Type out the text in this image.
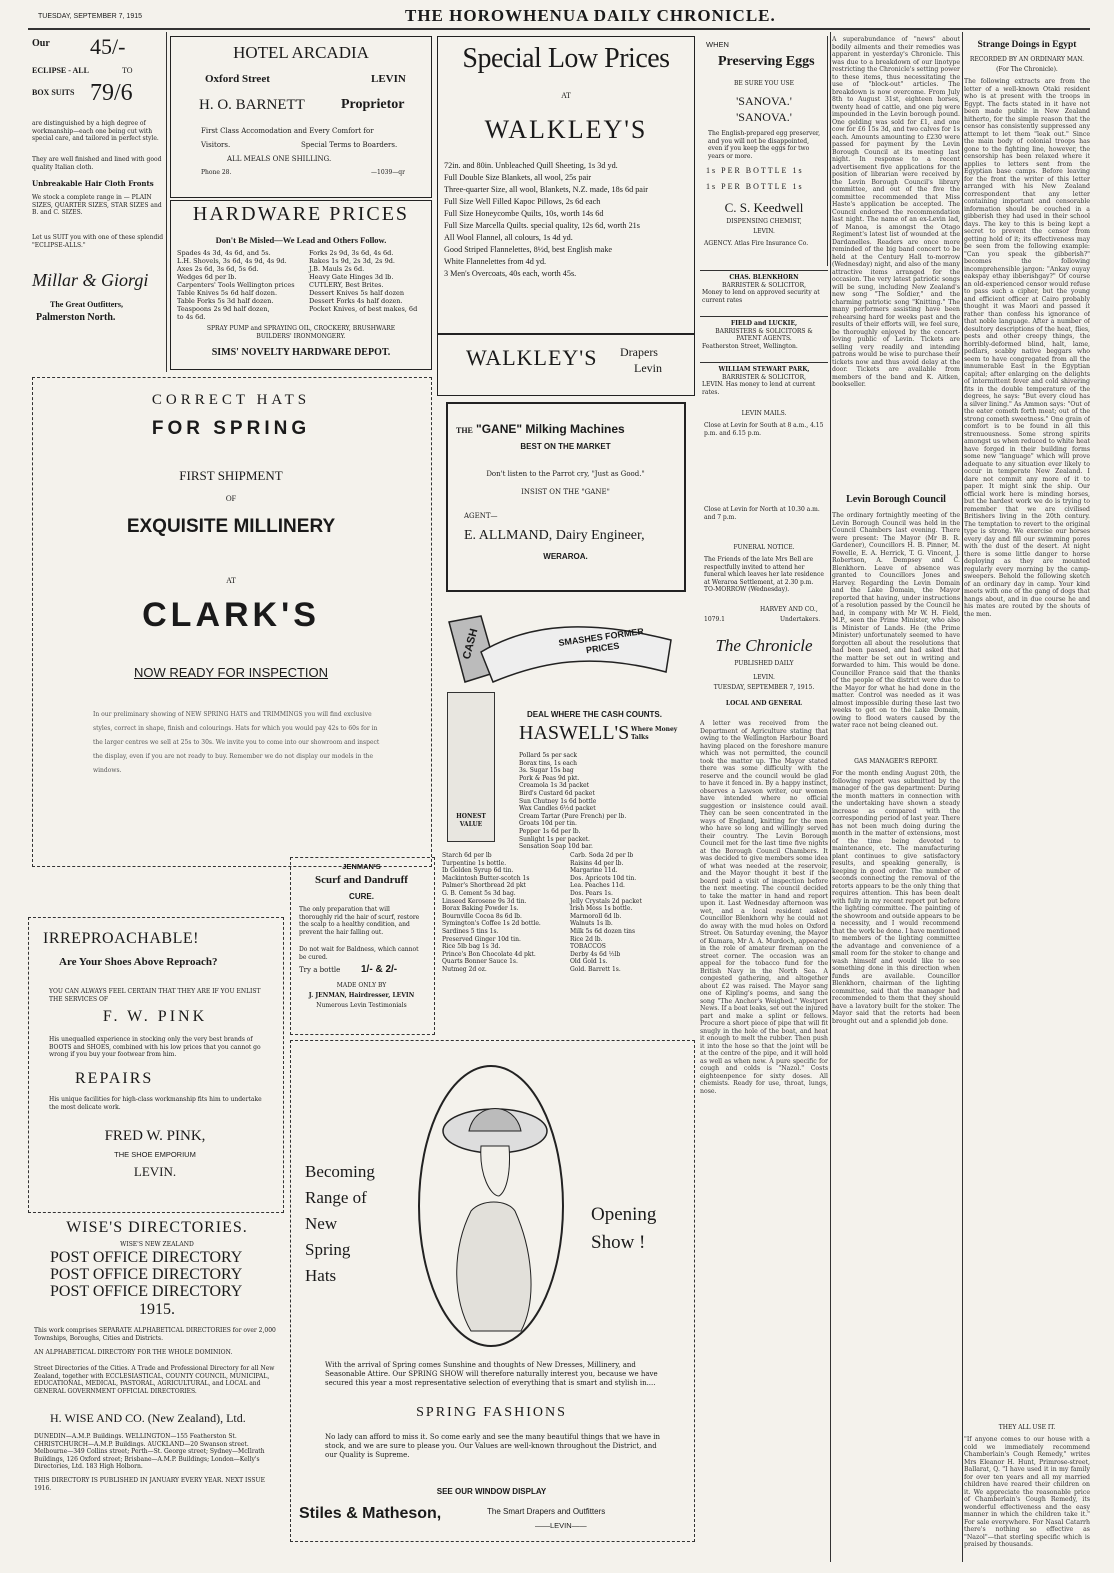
TUESDAY, SEPTEMBER 7, 1915	THE HOROWHENUA DAILY CHRONICLE.
Our 45/-
ECLIPSE - ALL	TO
BOX SUITS 79/6
are distinguished by a high degree of workmanship—each one being cut with special care, and tailored in perfect style.
They are well finished and lined with good quality Italian cloth.
Unbreakable Hair Cloth Fronts
We stock a complete range in — PLAIN SIZES, QUARTER SIZES, STAR SIZES and B. and C. SIZES.
Let us SUIT you with one of these splendid "ECLIPSE-ALLS."
Millar & Giorgi
The Great Outfitters,
Palmerston North.
HOTEL ARCADIA
Oxford Street	LEVIN
H. O. BARNETT	Proprietor
First Class Accomodation and Every Comfort for
Visitors.	Special Terms to Boarders.
ALL MEALS ONE SHILLING.
Phone 28.	—1039—qr
HARDWARE PRICES
Don't Be Misled—We Lead and Others Follow.
Spades 4s 3d, 4s 6d, and 5s.
L.H. Shovels, 3s 6d, 4s 9d, 4s 9d.
Axes 2s 6d, 3s 6d, 5s 6d.
Wedges 6d per lb.
Carpenters' Tools Wellington prices
Table Knives 5s 6d half dozen.
Table Forks 5s 3d half dozen.
Teaspoons 2s 9d half dozen,
to 4s 6d.
Forks 2s 9d, 3s 6d, 4s 6d.
Rakes 1s 9d, 2s 3d, 2s 9d.
J.B. Mauls 2s 6d.
Heavy Gate Hinges 3d lb.
CUTLERY, Best Brites.
Dessert Knives 5s half dozen
Dessert Forks 4s half dozen.
Pocket Knives, of best makes, 6d
SPRAY PUMP and SPRAYING OIL, CROCKERY, BRUSHWARE
BUILDERS' IRONMONGERY.
SIMS' NOVELTY HARDWARE DEPOT.
CORRECT HATS
FOR SPRING
FIRST SHIPMENT
OF
EXQUISITE MILLINERY
AT
CLARK'S
NOW READY FOR INSPECTION
In our preliminary showing of NEW SPRING HATS and TRIMMINGS you will find exclusive styles, correct in shape, finish and colourings. Hats for which you would pay 42s to 60s for in the larger centres we sell at 25s to 30s. We invite you to come into our showroom and inspect the display, even if you are not ready to buy. Remember we do not display our models in the windows.
Special Low Prices
AT
WALKLEY'S
72in. and 80in. Unbleached Quill Sheeting, 1s 3d yd.
Full Double Size Blankets, all wool, 25s pair
Three-quarter Size, all wool, Blankets, N.Z. made, 18s 6d pair
Full Size Well Filled Kapoc Pillows, 2s 6d each
Full Size Honeycombe Quilts, 10s, worth 14s 6d
Full Size Marcella Quilts. special quality, 12s 6d, worth 21s
All Wool Flannel, all colours, 1s 4d yd.
Good Striped Flannelettes, 8½d, best English make
White Flannelettes from 4d yd.
3 Men's Overcoats, 40s each, worth 45s.
WALKLEY'S Drapers
Levin
THE "GANE" Milking Machines
BEST ON THE MARKET
Don't listen to the Parrot cry, "Just as Good."
INSIST ON THE "GANE"
AGENT—
E. ALLMAND, Dairy Engineer,
WERAROA.
CASH	SMASHES FORMER PRICES
HONEST VALUE
DEAL WHERE THE CASH COUNTS.
HASWELL'S Where Money Talks
Pollard 5s per sack
Borax tins, 1s each
3s. Sugar 15s bag
Pork & Peas 9d pkt.
Creamola 1s 3d packet
Bird's Custard 6d packet
Sun Chutney 1s 6d bottle
Wax Candles 6½d packet
Cream Tartar (Pure French) per lb.
Groats 10d per tin.
Pepper 1s 6d per lb.
Sunlight 1s per packet.
Sensation Soap 10d bar.
Starch 6d per lb
Turpentine 1s bottle.
Ib Golden Syrup 6d tin.
Mackintosh Butter-scotch 1s
Palmer's Shortbread 2d pkt
G. B. Cement 5s 3d bag.
Linseed Kerosene 9s 3d tin.
Borax Baking Powder 1s.
Bournville Cocoa 8s 6d lb.
Symington's Coffee 1s 2d bottle.
Sardines 5 tins 1s.
Preserved Ginger 10d tin.
Rice 5lb bag 1s 3d.
Prince's Bon Chocolate 4d pkt.
Quarts Bonner Sauce 1s.
Nutmeg 2d oz.
Carb. Soda 2d per lb
Raisins 4d per lb.
Margarine 11d.
Dos. Apricots 10d tin.
Lea. Peaches 11d.
Dos. Pears 1s.
Jelly Crystals 2d packet
Irish Moss 1s bottle.
Marmoroll 6d lb.
Walnuts 1s lb.
Milk 5s 6d dozen tins
Rice 2d lb.
TOBACCOS
Derby 4s 6d ½lb
Old Gold 1s.
Gold. Barrett 1s.
JENMAN'S
Scurf and Dandruff
CURE.
The only preparation that will thoroughly rid the hair of scurf, restore the scalp to a healthy condition, and prevent the hair falling out.
Do not wait for Baldness, which cannot be cured.
Try a bottle 1/- & 2/-
MADE ONLY BY
J. JENMAN, Hairdresser, LEVIN
Numerous Levin Testimonials
IRREPROACHABLE!
Are Your Shoes Above Reproach?
YOU CAN ALWAYS FEEL CERTAIN THAT THEY ARE IF YOU ENLIST THE SERVICES OF
F. W. PINK
His unequalled experience in stocking only the very best brands of BOOTS and SHOES, combined with his low prices that you cannot go wrong if you buy your footwear from him.
REPAIRS
His unique facilities for high-class workmanship fits him to undertake the most delicate work.
FRED W. PINK,
THE SHOE EMPORIUM
LEVIN.
WISE'S DIRECTORIES.
WISE'S NEW ZEALAND
POST OFFICE DIRECTORY
POST OFFICE DIRECTORY
POST OFFICE DIRECTORY
1915.
This work comprises SEPARATE ALPHABETICAL DIRECTORIES for over 2,000 Townships, Boroughs, Cities and Districts.
AN ALPHABETICAL DIRECTORY FOR THE WHOLE DOMINION.
Street Directories of the Cities. A Trade and Professional Directory for all New Zealand, together with ECCLESIASTICAL, COUNTY COUNCIL, MUNICIPAL, EDUCATIONAL, MEDICAL, PASTORAL, AGRICULTURAL, and LOCAL and GENERAL GOVERNMENT OFFICIAL DIRECTORIES.
H. WISE AND CO. (New Zealand), Ltd.
DUNEDIN—A.M.P. Buildings. WELLINGTON—155 Featherston St. CHRISTCHURCH—A.M.P. Buildings. AUCKLAND—20 Swanson street. Melbourne—349 Collins street; Perth—St. George street; Sydney—McIlrath Buildings, 126 Oxford street; Brisbane—A.M.P. Buildings; London—Kelly's Directories, Ltd. 183 High Holborn.
THIS DIRECTORY IS PUBLISHED IN JANUARY EVERY YEAR. NEXT ISSUE 1916.
Becoming
Range of
New
Spring
Hats
Opening
Show !
With the arrival of Spring comes Sunshine and thoughts of New Dresses, Millinery, and Seasonable Attire. Our SPRING SHOW will therefore naturally interest you, because we have secured this year a most representative selection of everything that is smart and stylish in....
SPRING FASHIONS
No lady can afford to miss it. So come early and see the many beautiful things that we have in stock, and we are sure to please you. Our Values are well-known throughout the District, and our Quality is Supreme.
SEE OUR WINDOW DISPLAY
Stiles & Matheson,	The Smart Drapers and Outfitters
——LEVIN——
WHEN
Preserving Eggs
BE SURE YOU USE
'SANOVA.'
'SANOVA.'
The English-prepared egg preserver, and you will not be disappointed, even if you keep the eggs for two years or more.
1s PER BOTTLE 1s
1s PER BOTTLE 1s
C. S. Keedwell
DISPENSING CHEMIST,
LEVIN.
AGENCY. Atlas Fire Insurance Co.
CHAS. BLENKHORN
BARRISTER & SOLICITOR,
Money to lend on approved security at current rates
FIELD and LUCKIE,
BARRISTERS & SOLICITORS & PATENT AGENTS.
Featherston Street, Wellington.
WILLIAM STEWART PARK,
BARRISTER & SOLICITOR,
LEVIN. Has money to lend at current rates.
LEVIN MAILS.
Close at Levin for South at 8 a.m., 4.15 p.m. and 6.15 p.m.
Close at Levin for North at 10.30 a.m. and 7 p.m.
FUNERAL NOTICE.
The Friends of the late Mrs Bell are respectfully invited to attend her funeral which leaves her late residence at Weraroa Settlement, at 2.30 p.m. TO-MORROW (Wednesday).
HARVEY AND CO.,
1079.1	Undertakers.
The Chronicle
PUBLISHED DAILY
LEVIN.
TUESDAY, SEPTEMBER 7, 1915.
LOCAL AND GENERAL
A letter was received from the Department of Agriculture stating that owing to the Wellington Harbour Board having placed on the foreshore manure which was not permitted, the council took the matter up. The Mayor stated there was some difficulty with the reserve and the council would be glad to have it fenced in. By a happy instinct, observes a Lawson writer, our women have intended where no official suggestion or insistence could avail. They can be seen concentrated in the ways of England, knitting for the men who have so long and willingly served their country. The Levin Borough Council met for the last time five nights at the Borough Council Chambers. It was decided to give members some idea of what was needed at the reservoir, and the Mayor thought it best if the board paid a visit of inspection before the next meeting. The council decided to take the matter in hand and report upon it. Last Wednesday afternoon was wet, and a local resident asked Councillor Blenkhorn why he could not do away with the mud holes on Oxford Street. On Saturday evening, the Mayor of Kumara, Mr A. A. Murdoch, appeared in the role of amateur fireman on the street corner. The occasion was an appeal for the tobacco fund for the British Navy in the North Sea. A congested gathering, and altogether about £2 was raised. The Mayor sang one of Kipling's poems, and sang the song "The Anchor's Weighed." Westport News. If a boat leaks, set out the injured part and make a splint or fellows. Procure a short piece of pipe that will fit snugly in the hole of the boat, and heat it enough to melt the rubber. Then push it into the hose so that the joint will be at the centre of the pipe, and it will hold as well as when new. A pure specific for cough and colds is "Nazol." Costs eighteenpence for sixty doses. All chemists. Ready for use, throat, lungs, nose.
A superabundance of "news" about bodily ailments and their remedies was apparent in yesterday's Chronicle. This was due to a breakdown of our linotype restricting the Chronicle's setting power to these items, thus necessitating the use of "block-out" articles. The breakdown is now overcome. From July 8th to August 31st, eighteen horses, twenty head of cattle, and one pig were impounded in the Levin borough pound. One gelding was sold for £1, and one cow for £6 15s 3d, and two calves for 1s each. Amounts amounting to £230 were passed for payment by the Levin Borough Council at its meeting last night. In response to a recent advertisement five applications for the position of librarian were received by the Levin Borough Council's library committee, and out of the five the committee recommended that Miss Haste's application be accepted. The Council endorsed the recommendation last night. The name of an ex-Levin lad, of Manoa, is amongst the Otago Regiment's latest list of wounded at the Dardanelles. Readers are once more reminded of the big band concert to be held at the Century Hall to-morrow (Wednesday) night, and also of the many attractive items arranged for the occasion. The very latest patriotic songs will be sung, including New Zealand's new song "The Soldier," and the charming patriotic song "Knitting." The many performers assisting have been rehearsing hard for weeks past and the results of their efforts will, we feel sure, be thoroughly enjoyed by the concert-loving public of Levin. Tickets are selling very readily and intending patrons would be wise to purchase their tickets now and thus avoid delay at the door. Tickets are available from members of the band and K. Aitken, bookseller.
Levin Borough Council
The ordinary fortnightly meeting of the Levin Borough Council was held in the Council Chambers last evening. There were present: The Mayor (Mr B. R. Gardener), Councillors H. B. Pinner, M. Fowelle, E. A. Herrick, T. G. Vincent, J. Robertson, A. Dempsey and C. Blenkhorn. Leave of absence was granted to Councillors Jones and Harvey. Regarding the Levin Domain and the Lake Domain, the Mayor reported that having, under instructions of a resolution passed by the Council he had, in company with Mr W. H. Field, M.P., seen the Prime Minister, who also is Minister of Lands. He (the Prime Minister) unfortunately seemed to have forgotten all about the resolutions that had been passed, and had asked that the matter be set out in writing and forwarded to him. This would be done. Councillor France said that the thanks of the people of the district were due to the Mayor for what he had done in the matter. Control was needed as it was almost impossible during these last two weeks to get on to the Lake Domain, owing to flood waters caused by the water race not being cleaned out.
GAS MANAGER'S REPORT.
For the month ending August 20th, the following report was submitted by the manager of the gas department: During the month matters in connection with the undertaking have shown a steady increase as compared with the corresponding period of last year. There has not been much doing during the month in the matter of extensions, most of the time being devoted to maintenance, etc. The manufacturing plant continues to give satisfactory results, and speaking generally, is keeping in good order. The number of seconds connecting the removal of the retorts appears to be the only thing that requires attention. This has been dealt with fully in my recent report put before the lighting committee. The painting of the showroom and outside appears to be a necessity, and I would recommend that the work be done. I have mentioned to members of the lighting committee the advantage and convenience of a small room for the stoker to change and wash himself and would like to see something done in this direction when funds are available. Councillor Blenkhorn, chairman of the lighting committee, said that the manager had recommended to them that they should have a lavatory built for the stoker. The Mayor said that the retorts had been brought out and a splendid job done.
Strange Doings in Egypt
RECORDED BY AN ORDINARY MAN.
(For The Chronicle).
The following extracts are from the letter of a well-known Otaki resident who is at present with the troops in Egypt. The facts stated in it have not been made public in New Zealand hitherto, for the simple reason that the censor has consistently suppressed any attempt to let them "leak out." Since the main body of colonial troops has gone to the fighting line, however, the censorship has been relaxed where it applies to letters sent from the Egyptian base camps. Before leaving for the front the writer of this letter arranged with his New Zealand correspondent that any letter containing important and censorable information should be couched in a gibberish they had used in their school days. The key to this is being kept a secret to prevent the censor from getting hold of it; its effectiveness may be seen from the following example: "Can you speak the gibberish?" becomes the following incomprehensible jargon: "Ankay ouyay eakspay ethay ibberishgay?" Of course an old-experienced censor would refuse to pass such a cipher, but the young and efficient officer at Cairo probably thought it was Maori and passed it rather than confess his ignorance of that noble language. After a number of desultory descriptions of the heat, flies, pests and other creepy things, the horribly-deformed blind, halt, lame, pedlars, scabby native beggars who seem to have congregated from all the innumerable East in the Egyptian capital; after enlarging on the delights of intermittent fever and cold shivering fits in the double temperature of the degrees, he says: "But every cloud has a silver lining." As Ammon says: "Out of the eater cometh forth meat; out of the strong cometh sweetness." One grain of comfort is to be found in all this strenuousness. Some strong spirits amongst us when reduced to white heat have forged in their building forms some new "language" which will prove adequate to any situation ever likely to occur in temperate New Zealand. I dare not commit any more of it to paper. It might sink the ship. Our official work here is minding horses, but the hardest work we do is trying to remember that we are civilised Britishers living in the 20th century. The temptation to revert to the original type is strong. We exercise our horses every day and fill our swimming pores with the dust of the desert. At night there is some little danger to horse deploying as they are mounted regularly every morning by the camp-sweepers. Behold the following sketch of an ordinary day in camp. Your kind meets with one of the gang of dogs that hangs about, and in due course he and his mates are routed by the shouts of the men.
THEY ALL USE IT.
"If anyone comes to our house with a cold we immediately recommend Chamberlain's Cough Remedy," writes Mrs Eleanor H. Hunt, Primrose-street, Ballarat, Q. "I have used it in my family for over ten years and all my married children have reared their children on it. We appreciate the reasonable price of Chamberlain's Cough Remedy, its wonderful effectiveness and the easy manner in which the children take it." For sale everywhere. For Nasal Catarrh there's nothing so effective as "Nazol"—that sterling specific which is praised by thousands.
